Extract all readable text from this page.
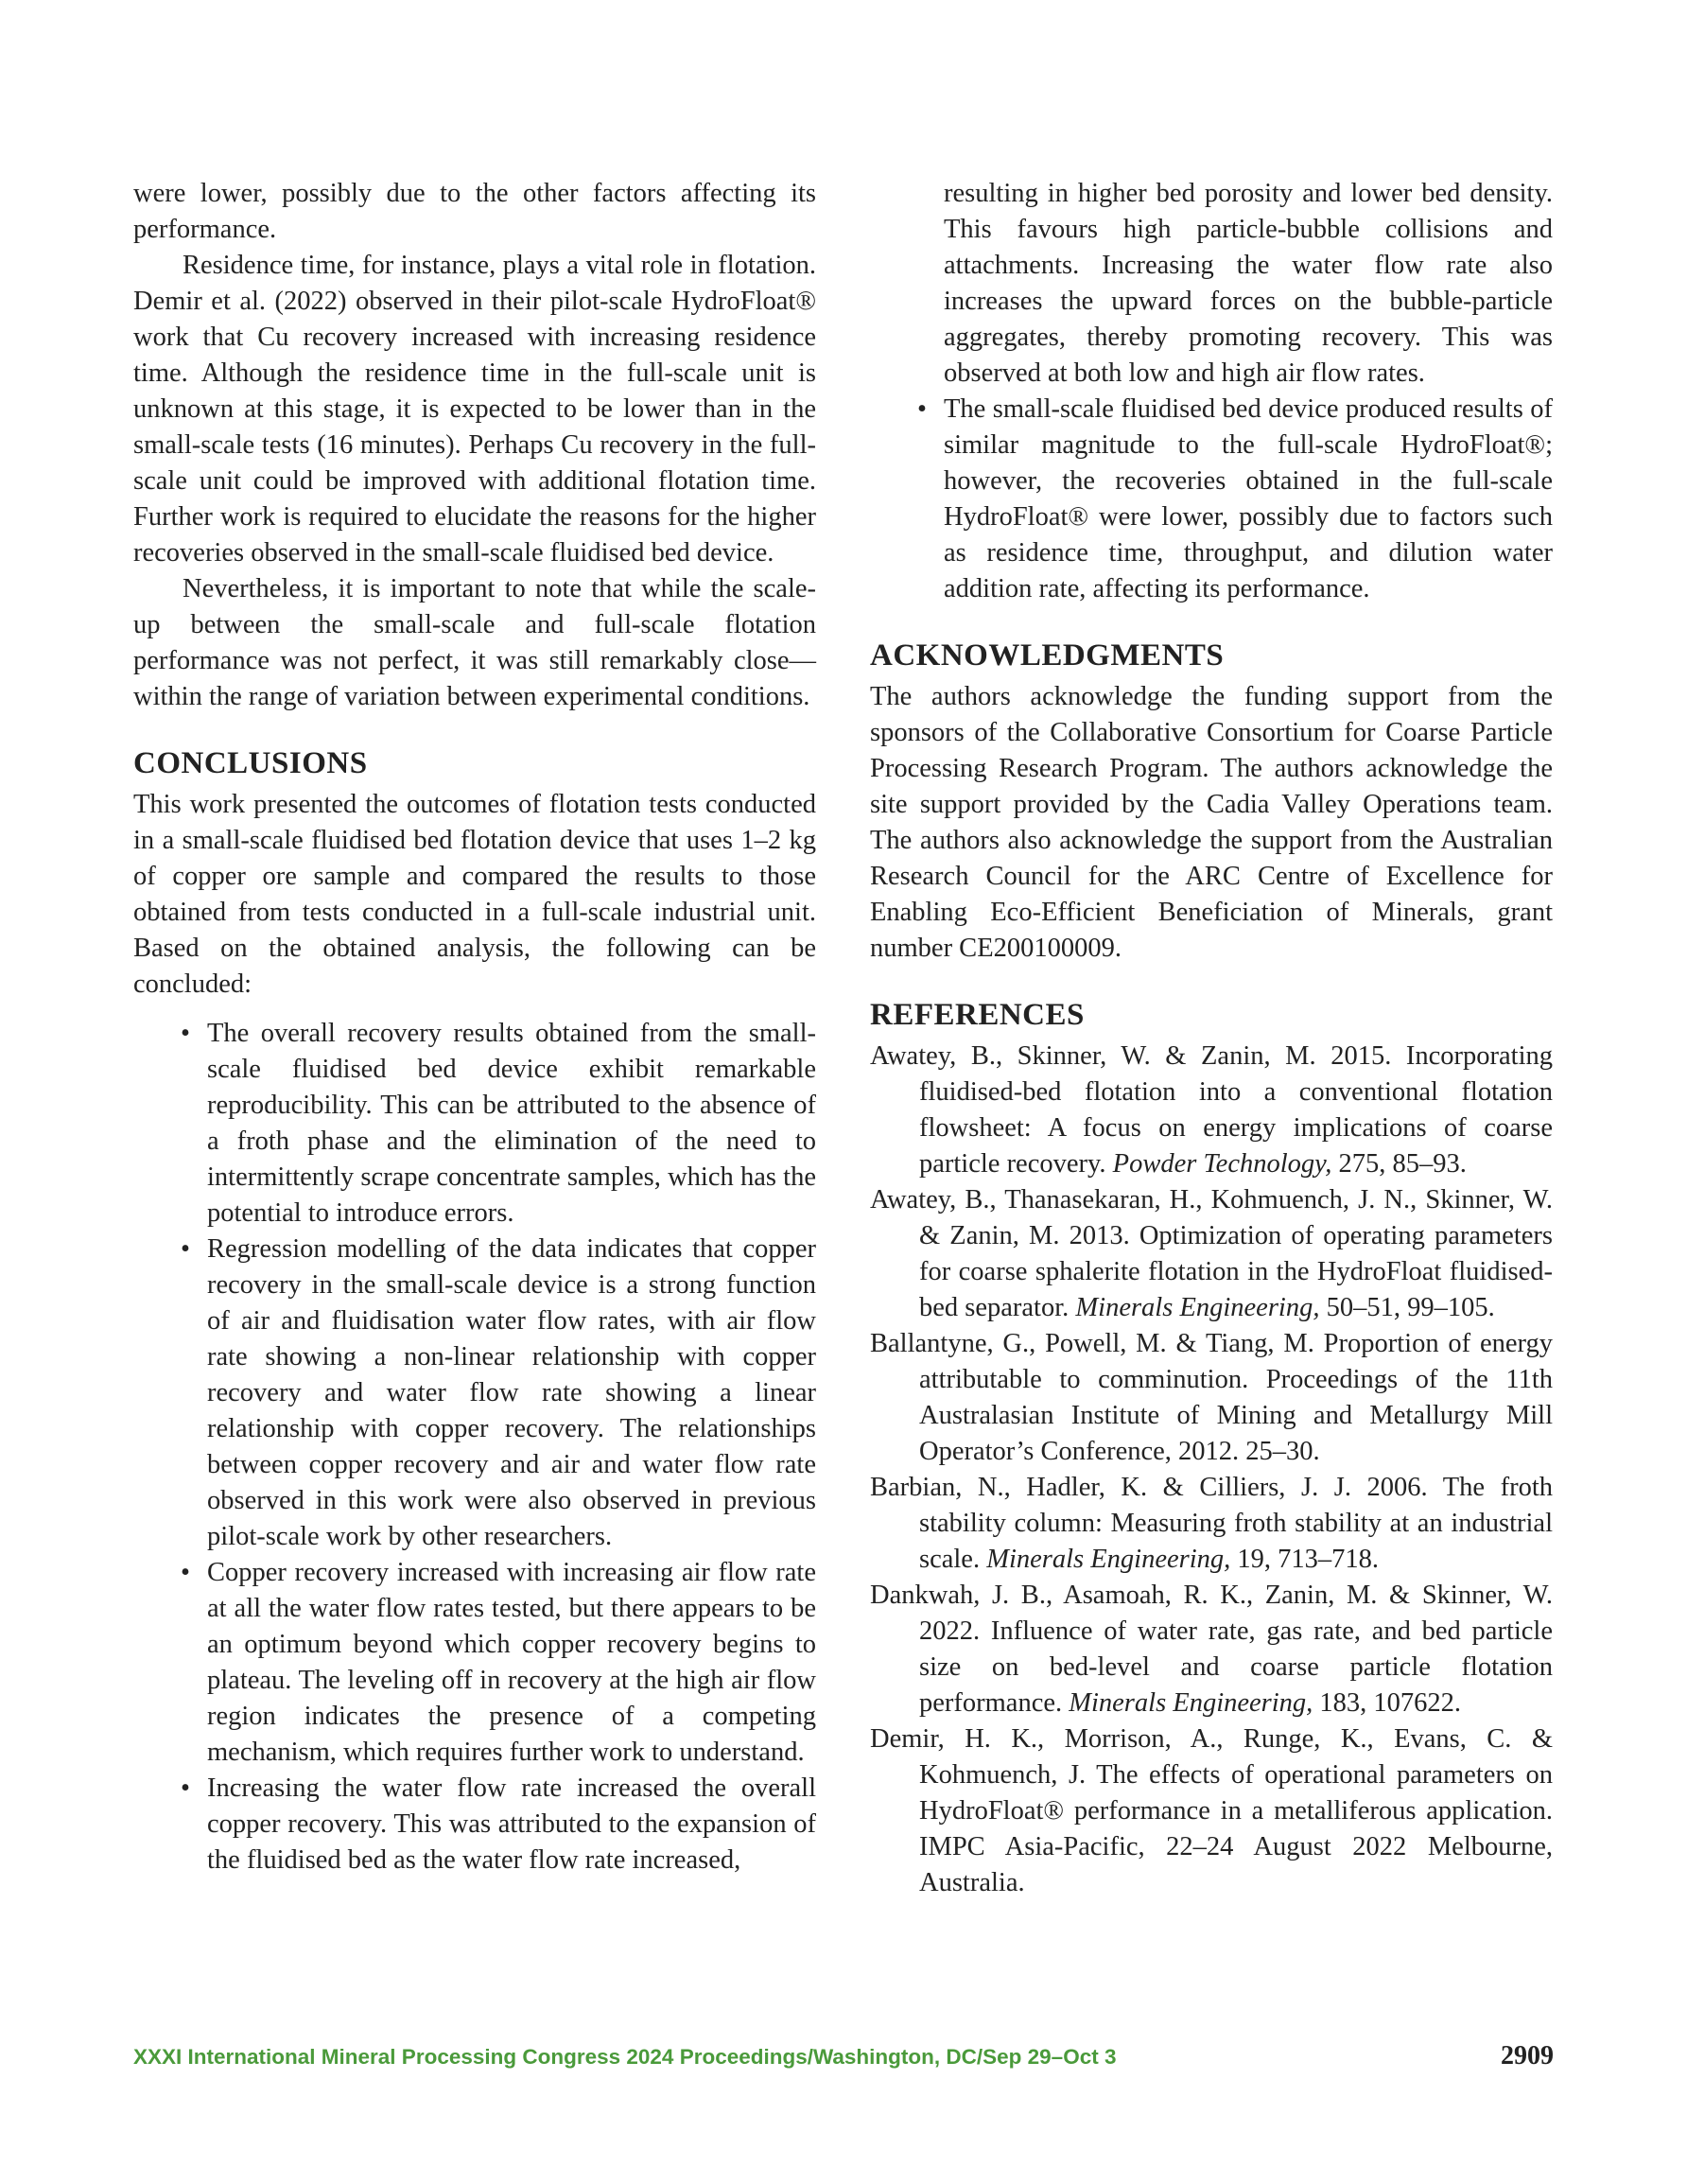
were lower, possibly due to the other factors affecting its performance.

Residence time, for instance, plays a vital role in flotation. Demir et al. (2022) observed in their pilot-scale HydroFloat® work that Cu recovery increased with increasing residence time. Although the residence time in the full-scale unit is unknown at this stage, it is expected to be lower than in the small-scale tests (16 minutes). Perhaps Cu recovery in the full-scale unit could be improved with additional flotation time. Further work is required to elucidate the reasons for the higher recoveries observed in the small-scale fluidised bed device.

Nevertheless, it is important to note that while the scale-up between the small-scale and full-scale flotation performance was not perfect, it was still remarkably close—within the range of variation between experimental conditions.

CONCLUSIONS

This work presented the outcomes of flotation tests conducted in a small-scale fluidised bed flotation device that uses 1–2 kg of copper ore sample and compared the results to those obtained from tests conducted in a full-scale industrial unit. Based on the obtained analysis, the following can be concluded:

• The overall recovery results obtained from the small-scale fluidised bed device exhibit remarkable reproducibility. This can be attributed to the absence of a froth phase and the elimination of the need to intermittently scrape concentrate samples, which has the potential to introduce errors.
• Regression modelling of the data indicates that copper recovery in the small-scale device is a strong function of air and fluidisation water flow rates, with air flow rate showing a non-linear relationship with copper recovery and water flow rate showing a linear relationship with copper recovery. The relationships between copper recovery and air and water flow rate observed in this work were also observed in previous pilot-scale work by other researchers.
• Copper recovery increased with increasing air flow rate at all the water flow rates tested, but there appears to be an optimum beyond which copper recovery begins to plateau. The leveling off in recovery at the high air flow region indicates the presence of a competing mechanism, which requires further work to understand.
• Increasing the water flow rate increased the overall copper recovery. This was attributed to the expansion of the fluidised bed as the water flow rate increased,
resulting in higher bed porosity and lower bed density. This favours high particle-bubble collisions and attachments. Increasing the water flow rate also increases the upward forces on the bubble-particle aggregates, thereby promoting recovery. This was observed at both low and high air flow rates.
• The small-scale fluidised bed device produced results of similar magnitude to the full-scale HydroFloat®; however, the recoveries obtained in the full-scale HydroFloat® were lower, possibly due to factors such as residence time, throughput, and dilution water addition rate, affecting its performance.
ACKNOWLEDGMENTS

The authors acknowledge the funding support from the sponsors of the Collaborative Consortium for Coarse Particle Processing Research Program. The authors acknowledge the site support provided by the Cadia Valley Operations team. The authors also acknowledge the support from the Australian Research Council for the ARC Centre of Excellence for Enabling Eco-Efficient Beneficiation of Minerals, grant number CE200100009.

REFERENCES
Awatey, B., Skinner, W. & Zanin, M. 2015. Incorporating fluidised-bed flotation into a conventional flotation flowsheet: A focus on energy implications of coarse particle recovery. Powder Technology, 275, 85–93.
Awatey, B., Thanasekaran, H., Kohmuench, J. N., Skinner, W. & Zanin, M. 2013. Optimization of operating parameters for coarse sphalerite flotation in the HydroFloat fluidised-bed separator. Minerals Engineering, 50–51, 99–105.
Ballantyne, G., Powell, M. & Tiang, M. Proportion of energy attributable to comminution. Proceedings of the 11th Australasian Institute of Mining and Metallurgy Mill Operator’s Conference, 2012. 25–30.
Barbian, N., Hadler, K. & Cilliers, J. J. 2006. The froth stability column: Measuring froth stability at an industrial scale. Minerals Engineering, 19, 713–718.
Dankwah, J. B., Asamoah, R. K., Zanin, M. & Skinner, W. 2022. Influence of water rate, gas rate, and bed particle size on bed-level and coarse particle flotation performance. Minerals Engineering, 183, 107622.
Demir, H. K., Morrison, A., Runge, K., Evans, C. & Kohmuench, J. The effects of operational parameters on HydroFloat® performance in a metalliferous application. IMPC Asia-Pacific, 22–24 August 2022 Melbourne, Australia.
XXXI International Mineral Processing Congress 2024 Proceedings/Washington, DC/Sep 29–Oct 3	2909
